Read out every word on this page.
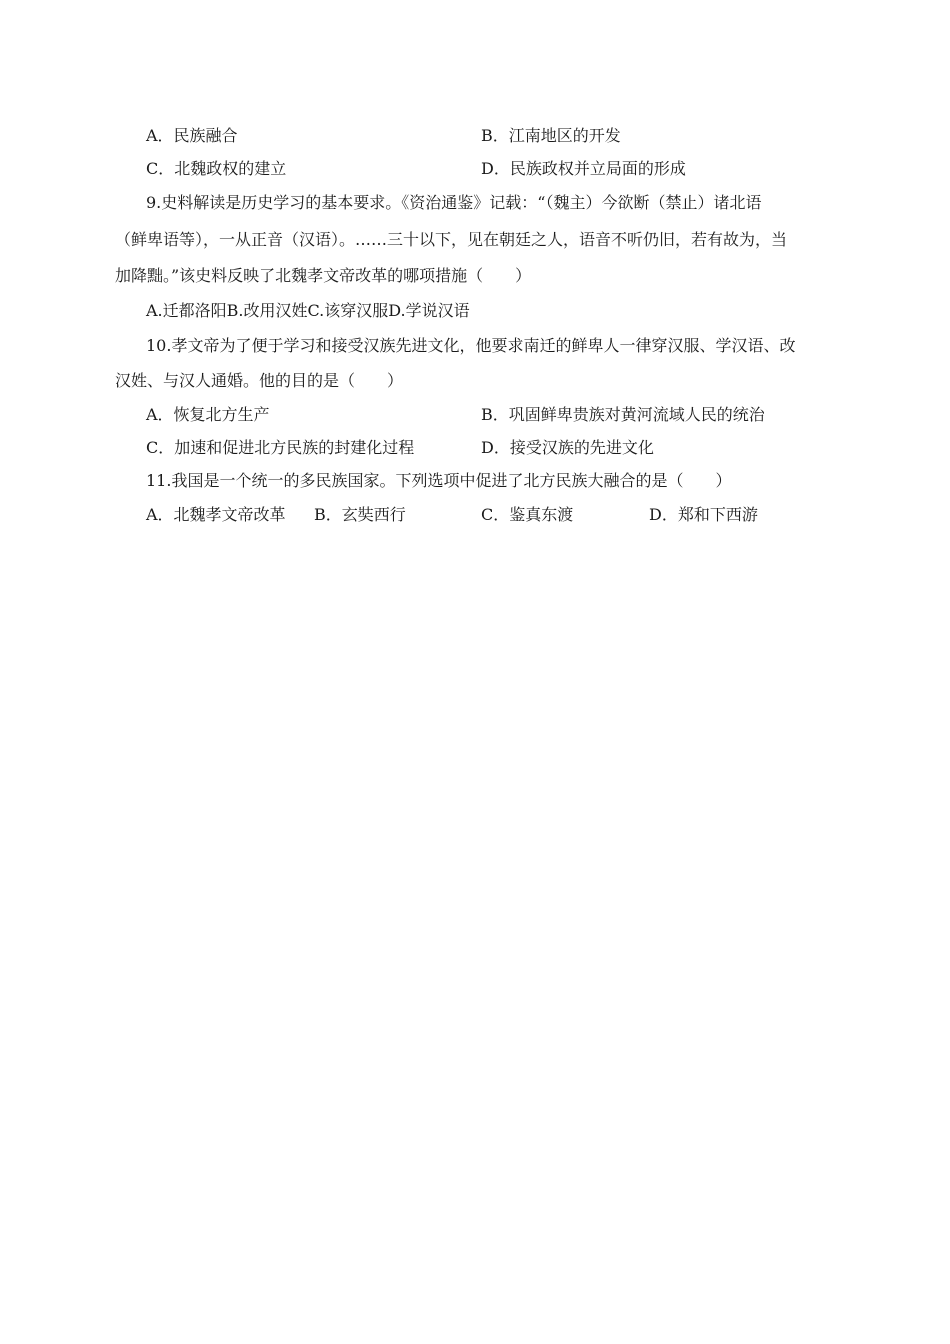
A．民族融合	B．江南地区的开发
C．北魏政权的建立	D．民族政权并立局面的形成
9.史料解读是历史学习的基本要求。《资治通鉴》记载：“（魏主）今欲断（禁止）诸北语
（鲜卑语等），一从正音（汉语）。……三十以下，见在朝廷之人，语音不听仍旧，若有故为，当
加降黜。”该史料反映了北魏孝文帝改革的哪项措施（　　）
A.迁都洛阳B.改用汉姓C.该穿汉服D.学说汉语
10.孝文帝为了便于学习和接受汉族先进文化，他要求南迁的鲜卑人一律穿汉服、学汉语、改
汉姓、与汉人通婚。他的目的是（　　）
A．恢复北方生产	B．巩固鲜卑贵族对黄河流域人民的统治
C．加速和促进北方民族的封建化过程	D．接受汉族的先进文化
11.我国是一个统一的多民族国家。下列选项中促进了北方民族大融合的是（　　）
A．北魏孝文帝改革 B．玄奘西行	C．鉴真东渡	D．郑和下西游
